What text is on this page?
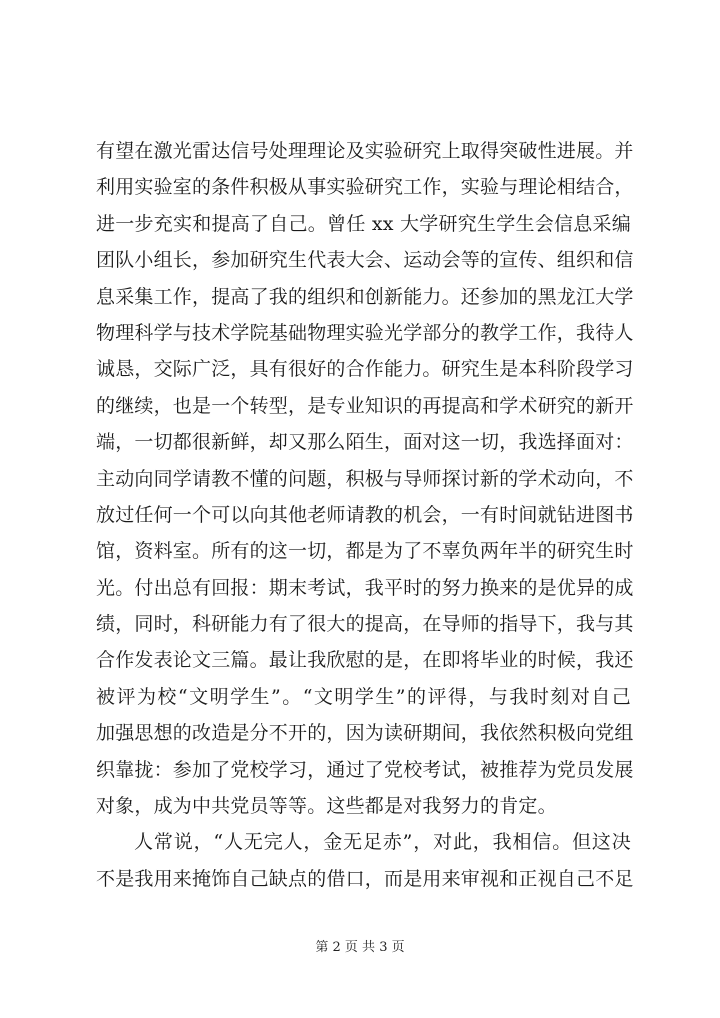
有望在激光雷达信号处理理论及实验研究上取得突破性进展。并
利用实验室的条件积极从事实验研究工作，实验与理论相结合，
进一步充实和提高了自己。曾任 xx 大学研究生学生会信息采编
团队小组长，参加研究生代表大会、运动会等的宣传、组织和信
息采集工作，提高了我的组织和创新能力。还参加的黑龙江大学
物理科学与技术学院基础物理实验光学部分的教学工作，我待人
诚恳，交际广泛，具有很好的合作能力。研究生是本科阶段学习
的继续，也是一个转型，是专业知识的再提高和学术研究的新开
端，一切都很新鲜，却又那么陌生，面对这一切，我选择面对：
主动向同学请教不懂的问题，积极与导师探讨新的学术动向，不
放过任何一个可以向其他老师请教的机会，一有时间就钻进图书
馆，资料室。所有的这一切，都是为了不辜负两年半的研究生时
光。付出总有回报：期末考试，我平时的努力换来的是优异的成
绩，同时，科研能力有了很大的提高，在导师的指导下，我与其
合作发表论文三篇。最让我欣慰的是，在即将毕业的时候，我还
被评为校“文明学生”。“文明学生”的评得，与我时刻对自己
加强思想的改造是分不开的，因为读研期间，我依然积极向党组
织靠拢：参加了党校学习，通过了党校考试，被推荐为党员发展
对象，成为中共党员等等。这些都是对我努力的肯定。
人常说，“人无完人，金无足赤”，对此，我相信。但这决
不是我用来掩饰自己缺点的借口，而是用来审视和正视自己不足
第 2 页 共 3 页
